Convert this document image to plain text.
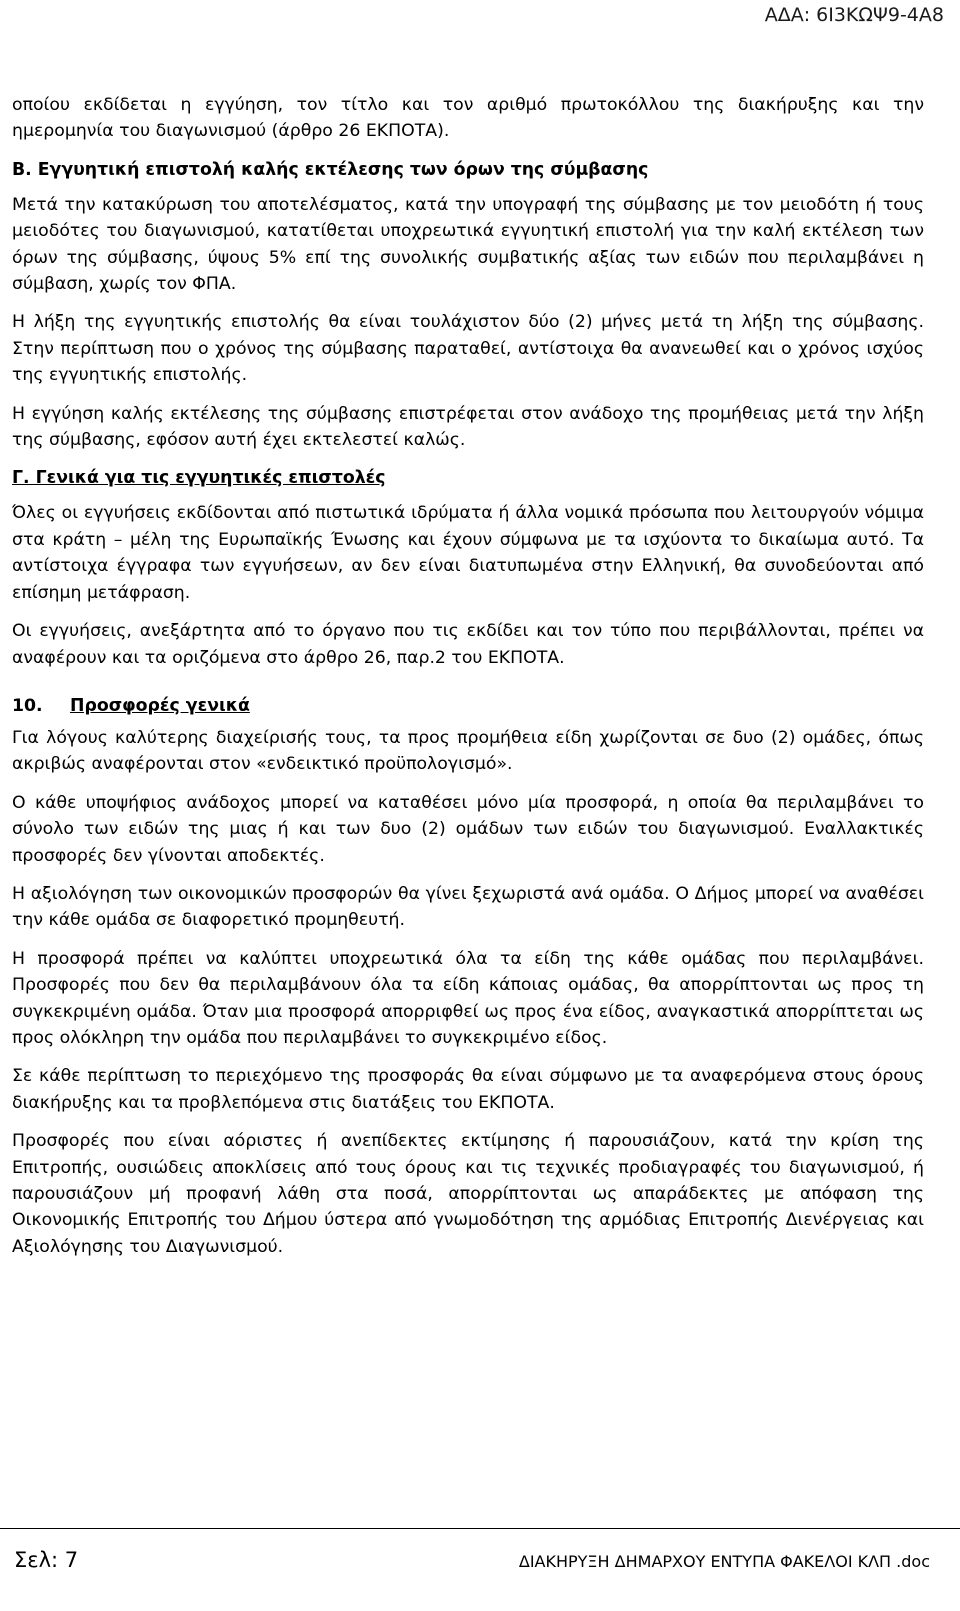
ΑΔΑ: 6Ι3ΚΩΨ9-4Α8

οποίου εκδίδεται η εγγύηση, τον τίτλο και τον αριθμό πρωτοκόλλου της διακήρυξης και την ημερομηνία του διαγωνισμού (άρθρο 26 ΕΚΠΟΤΑ).

Β. Εγγυητική επιστολή καλής εκτέλεσης των όρων της σύμβασης

Μετά την κατακύρωση του αποτελέσματος, κατά την υπογραφή της σύμβασης με τον μειοδότη ή τους μειοδότες του διαγωνισμού, κατατίθεται υποχρεωτικά εγγυητική επιστολή για την καλή εκτέλεση των όρων της σύμβασης, ύψους 5% επί της συνολικής συμβατικής αξίας των ειδών που περιλαμβάνει η σύμβαση, χωρίς τον ΦΠΑ.

Η λήξη της εγγυητικής επιστολής θα είναι τουλάχιστον δύο (2) μήνες μετά τη λήξη της σύμβασης. Στην περίπτωση που ο χρόνος της σύμβασης παραταθεί, αντίστοιχα θα ανανεωθεί και ο χρόνος ισχύος της εγγυητικής επιστολής.

Η εγγύηση καλής εκτέλεσης της σύμβασης επιστρέφεται στον ανάδοχο της προμήθειας μετά την λήξη της σύμβασης, εφόσον αυτή έχει εκτελεστεί καλώς.

Γ. Γενικά για τις εγγυητικές επιστολές

Όλες οι εγγυήσεις εκδίδονται από πιστωτικά ιδρύματα ή άλλα νομικά πρόσωπα που λειτουργούν νόμιμα στα κράτη – μέλη της Ευρωπαϊκής Ένωσης και έχουν σύμφωνα με τα ισχύοντα το δικαίωμα αυτό. Τα αντίστοιχα έγγραφα των εγγυήσεων, αν δεν είναι διατυπωμένα στην Ελληνική, θα συνοδεύονται από επίσημη μετάφραση.

Οι εγγυήσεις, ανεξάρτητα από το όργανο που τις εκδίδει και τον τύπο που περιβάλλονται, πρέπει να αναφέρουν και τα οριζόμενα στο άρθρο 26, παρ.2 του ΕΚΠΟΤΑ.

10. Προσφορές γενικά

Για λόγους καλύτερης διαχείρισής τους, τα προς προμήθεια είδη χωρίζονται σε δυο (2) ομάδες, όπως ακριβώς αναφέρονται στον «ενδεικτικό προϋπολογισμό».

Ο κάθε υποψήφιος ανάδοχος μπορεί να καταθέσει μόνο μία προσφορά, η οποία θα περιλαμβάνει το σύνολο των ειδών της μιας ή και των δυο (2) ομάδων των ειδών του διαγωνισμού. Εναλλακτικές προσφορές δεν γίνονται αποδεκτές.

Η αξιολόγηση των οικονομικών προσφορών θα γίνει ξεχωριστά ανά ομάδα. Ο Δήμος μπορεί να αναθέσει την κάθε ομάδα σε διαφορετικό προμηθευτή.

Η προσφορά πρέπει να καλύπτει υποχρεωτικά όλα τα είδη της κάθε ομάδας που περιλαμβάνει. Προσφορές που δεν θα περιλαμβάνουν όλα τα είδη κάποιας ομάδας, θα απορρίπτονται ως προς τη συγκεκριμένη ομάδα. Όταν μια προσφορά απορριφθεί ως προς ένα είδος, αναγκαστικά απορρίπτεται ως προς ολόκληρη την ομάδα που περιλαμβάνει το συγκεκριμένο είδος.

Σε κάθε περίπτωση το περιεχόμενο της προσφοράς θα είναι σύμφωνο με τα αναφερόμενα στους όρους διακήρυξης και τα προβλεπόμενα στις διατάξεις του ΕΚΠΟΤΑ.

Προσφορές που είναι αόριστες ή ανεπίδεκτες εκτίμησης ή παρουσιάζουν, κατά την κρίση της Επιτροπής, ουσιώδεις αποκλίσεις από τους όρους και τις τεχνικές προδιαγραφές του διαγωνισμού, ή παρουσιάζουν μή προφανή λάθη στα ποσά, απορρίπτονται ως απαράδεκτες με απόφαση της Οικονομικής Επιτροπής του Δήμου ύστερα από γνωμοδότηση της αρμόδιας Επιτροπής Διενέργειας και Αξιολόγησης του Διαγωνισμού.

Σελ: 7	ΔΙΑΚΗΡΥΞΗ ΔΗΜΑΡΧΟΥ ΕΝΤΥΠΑ ΦΑΚΕΛΟΙ ΚΛΠ .doc
